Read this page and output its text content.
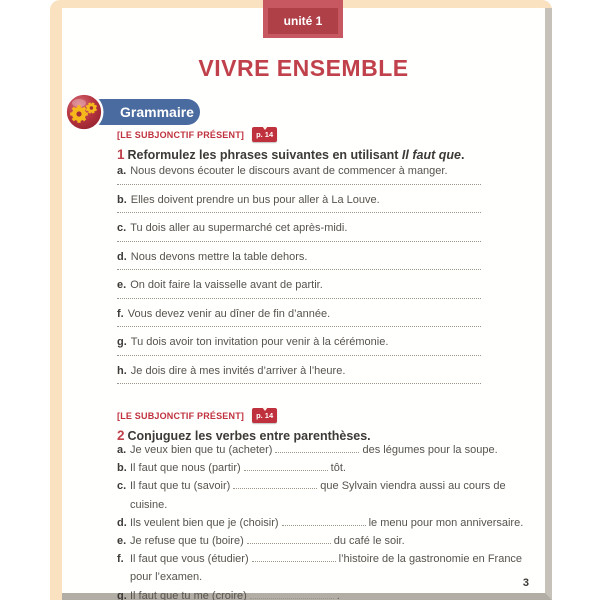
unité 1
VIVRE ENSEMBLE
Grammaire
[LE SUBJONCTIF PRÉSENT]	p. 14
1 Reformulez les phrases suivantes en utilisant Il faut que.
a. Nous devons écouter le discours avant de commencer à manger.
b. Elles doivent prendre un bus pour aller à La Louve.
c. Tu dois aller au supermarché cet après-midi.
d. Nous devons mettre la table dehors.
e. On doit faire la vaisselle avant de partir.
f. Vous devez venir au dîner de fin d’année.
g. Tu dois avoir ton invitation pour venir à la cérémonie.
h. Je dois dire à mes invités d’arriver à l’heure.
[LE SUBJONCTIF PRÉSENT]	p. 14
2 Conjuguez les verbes entre parenthèses.
a. Je veux bien que tu (acheter)	des légumes pour la soupe.
b. Il faut que nous (partir)	tôt.
c. Il faut que tu (savoir)	que Sylvain viendra aussi au cours de cuisine.
d. Ils veulent bien que je (choisir)	le menu pour mon anniversaire.
e. Je refuse que tu (boire)	du café le soir.
f. Il faut que vous (étudier)	l’histoire de la gastronomie en France pour l’examen.
g. Il faut que tu me (croire)	.
3
